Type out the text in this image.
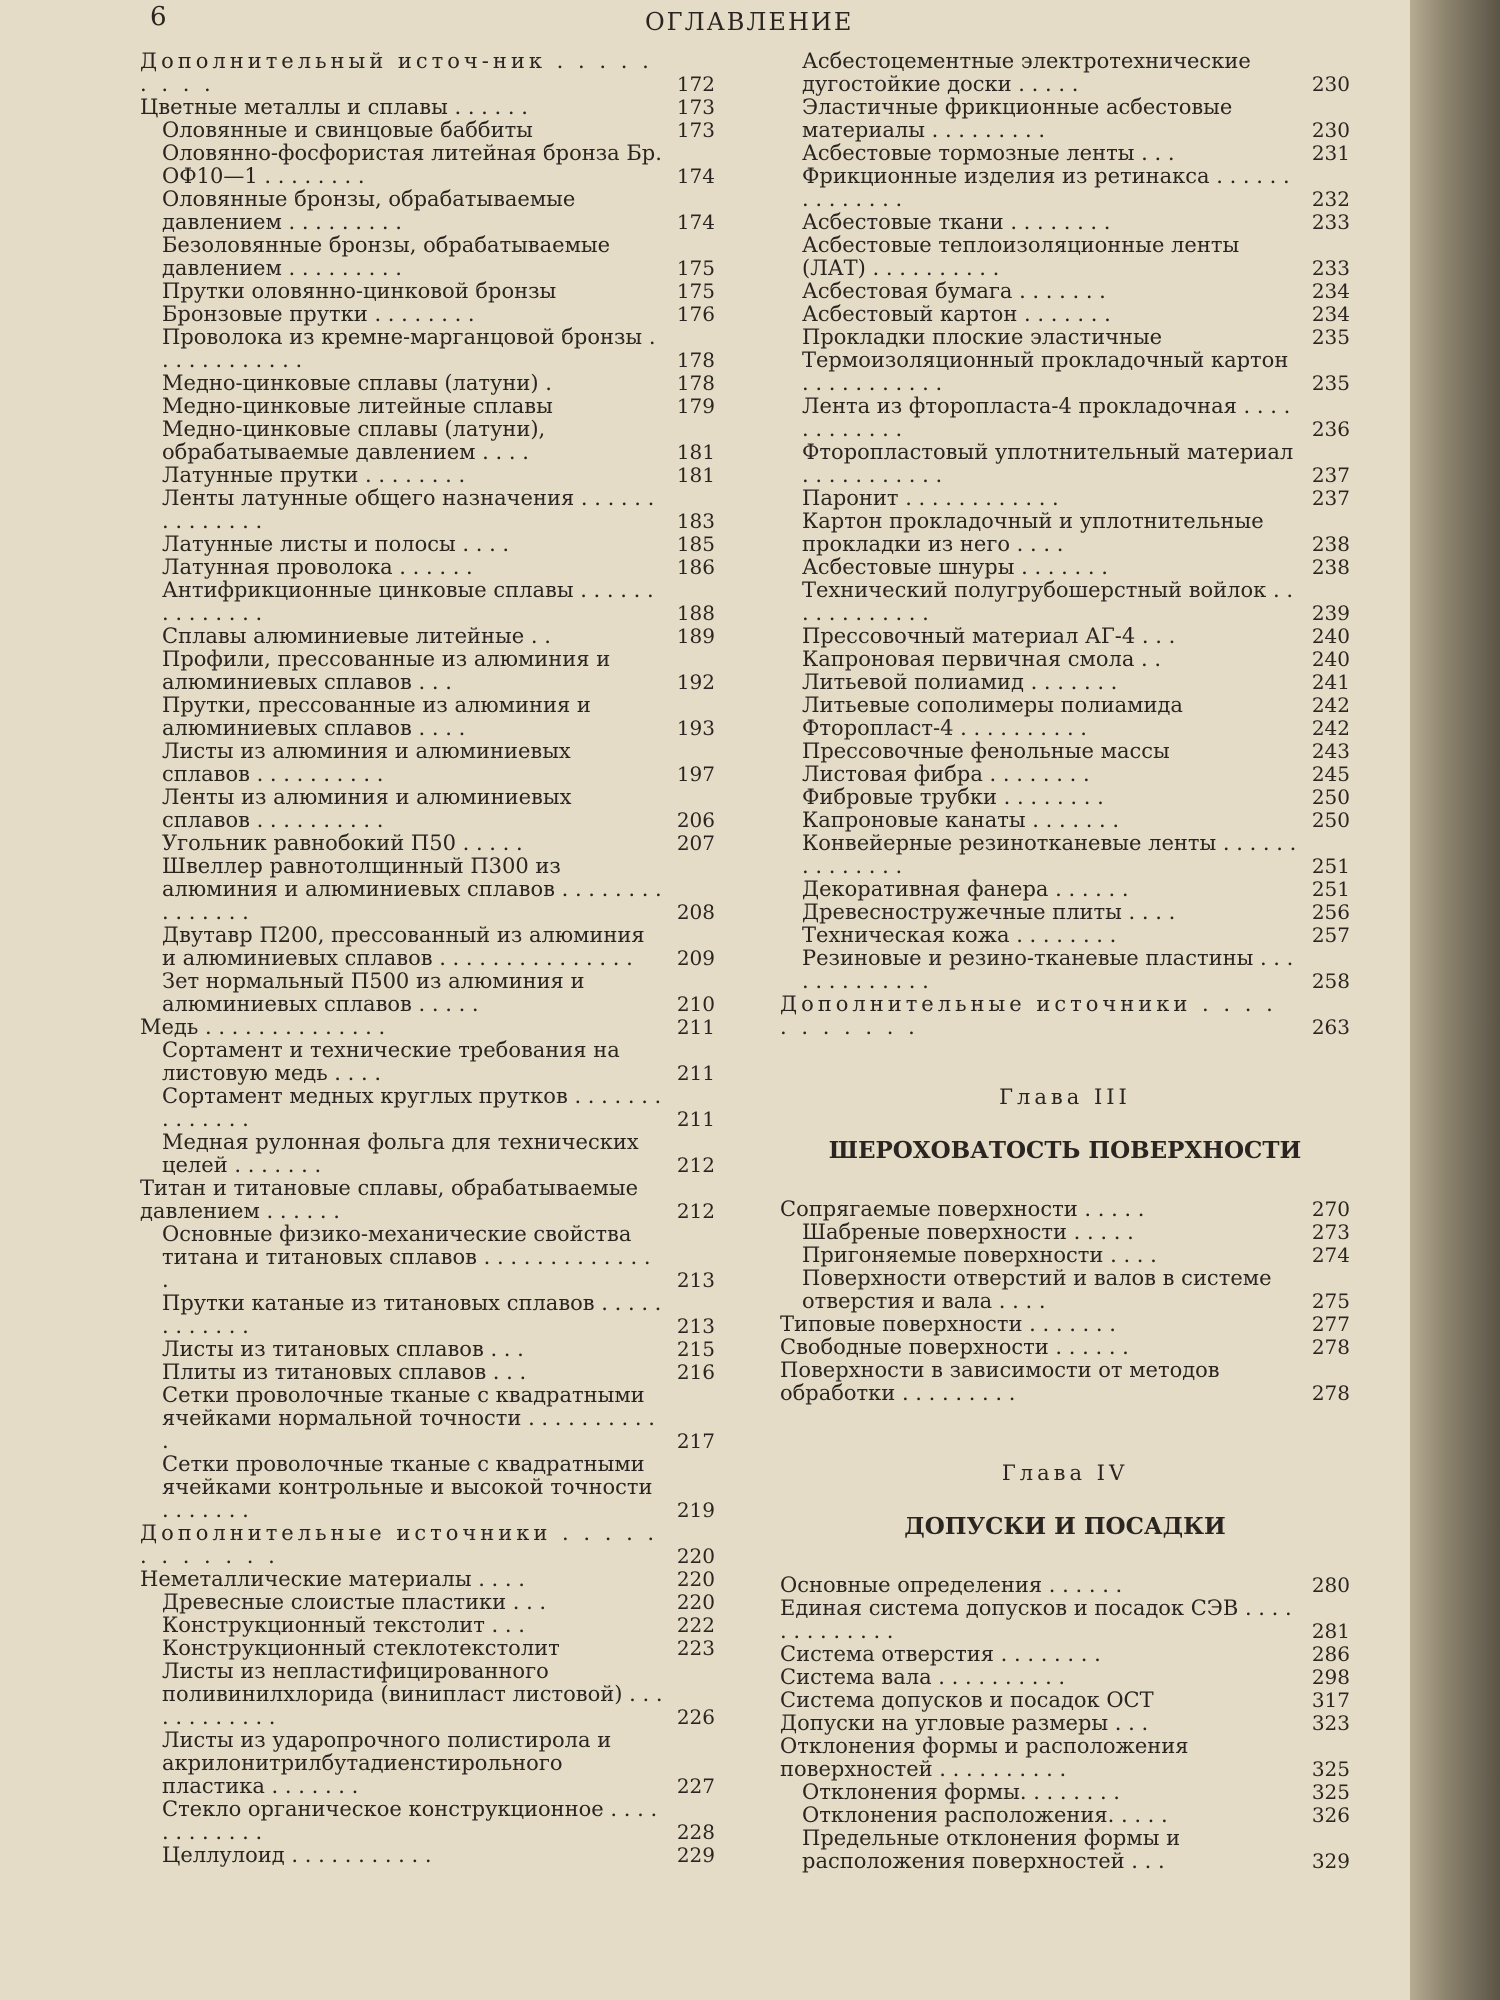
6	ОГЛАВЛЕНИЕ
Дополнительный источ-ник . . . . . . . . .	172
Цветные металлы и сплавы . . . . . .	173
Оловянные и свинцовые баббиты	173
Оловянно-фосфористая литейная бронза Бр. ОФ10—1 . . . . . . . .	174
Оловянные бронзы, обрабатываемые давлением . . . . . . . . .	174
Безоловянные бронзы, обрабатываемые давлением . . . . . . . . .	175
Прутки оловянно-цинковой бронзы	175
Бронзовые прутки . . . . . . . .	176
Проволока из кремне-марганцовой бронзы . . . . . . . . . . . .	178
Медно-цинковые сплавы (латуни) .	178
Медно-цинковые литейные сплавы	179
Медно-цинковые сплавы (латуни), обрабатываемые давлением . . . .	181
Латунные прутки . . . . . . . .	181
Ленты латунные общего назначения . . . . . . . . . . . . . .	183
Латунные листы и полосы . . . .	185
Латунная проволока . . . . . .	186
Антифрикционные цинковые сплавы . . . . . . . . . . . . . .	188
Сплавы алюминиевые литейные . .	189
Профили, прессованные из алюминия и алюминиевых сплавов . . .	192
Прутки, прессованные из алюминия и алюминиевых сплавов . . . .	193
Листы из алюминия и алюминиевых сплавов . . . . . . . . . .	197
Ленты из алюминия и алюминиевых сплавов . . . . . . . . . .	206
Угольник равнобокий П50 . . . . .	207
Швеллер равнотолщинный П300 из алюминия и алюминиевых сплавов . . . . . . . . . . . . . . .	208
Двутавр П200, прессованный из алюминия и алюминиевых сплавов . . . . . . . . . . . . . . .	209
Зет нормальный П500 из алюминия и алюминиевых сплавов . . . . .	210
Медь . . . . . . . . . . . . . .	211
Сортамент и технические требования на листовую медь . . . .	211
Сортамент медных круглых прутков . . . . . . . . . . . . . .	211
Медная рулонная фольга для технических целей . . . . . . .	212
Титан и титановые сплавы, обрабатываемые давлением . . . . . .	212
Основные физико-механические свойства титана и титановых сплавов . . . . . . . . . . . . . .	213
Прутки катаные из титановых сплавов . . . . . . . . . . . .	213
Листы из титановых сплавов . . .	215
Плиты из титановых сплавов . . .	216
Сетки проволочные тканые с квадратными ячейками нормальной точности . . . . . . . . . . .	217
Сетки проволочные тканые с квадратными ячейками контрольные и высокой точности . . . . . . .	219
Дополнительные источники . . . . . . . . . . . .	220
Неметаллические материалы . . . .	220
Древесные слоистые пластики . . .	220
Конструкционный текстолит . . .	222
Конструкционный стеклотекстолит	223
Листы из непластифицированного поливинилхлорида (винипласт листовой) . . . . . . . . . . . .	226
Листы из ударопрочного полистирола и акрилонитрилбутадиенстирольного пластика . . . . . . .	227
Стекло органическое конструкционное . . . . . . . . . . . .	228
Целлулоид . . . . . . . . . . .	229
Асбестоцементные электротехнические дугостойкие доски . . . . .	230
Эластичные фрикционные асбестовые материалы . . . . . . . . .	230
Асбестовые тормозные ленты . . .	231
Фрикционные изделия из ретинакса . . . . . . . . . . . . . .	232
Асбестовые ткани . . . . . . . .	233
Асбестовые теплоизоляционные ленты (ЛАТ) . . . . . . . . . .	233
Асбестовая бумага . . . . . . .	234
Асбестовый картон . . . . . . .	234
Прокладки плоские эластичные	235
Термоизоляционный прокладочный картон . . . . . . . . . . .	235
Лента из фторопласта-4 прокладочная . . . . . . . . . . . .	236
Фторопластовый уплотнительный материал . . . . . . . . . . .	237
Паронит . . . . . . . . . . . .	237
Картон прокладочный и уплотнительные прокладки из него . . . .	238
Асбестовые шнуры . . . . . . .	238
Технический полугрубошерстный войлок . . . . . . . . . . . .	239
Прессовочный материал АГ-4 . . .	240
Капроновая первичная смола . .	240
Литьевой полиамид . . . . . . .	241
Литьевые сополимеры полиамида	242
Фторопласт-4 . . . . . . . . . .	242
Прессовочные фенольные массы	243
Листовая фибра . . . . . . . .	245
Фибровые трубки . . . . . . . .	250
Капроновые канаты . . . . . . .	250
Конвейерные резинотканевые ленты . . . . . . . . . . . . . .	251
Декоративная фанера . . . . . .	251
Древесностружечные плиты . . . .	256
Техническая кожа . . . . . . . .	257
Резиновые и резино-тканевые пластины . . . . . . . . . . . . .	258
Дополнительные источники . . . . . . . . . . .	263
Глава III
ШЕРОХОВАТОСТЬ ПОВЕРХНОСТИ
Сопрягаемые поверхности . . . . .	270
Шабреные поверхности . . . . .	273
Пригоняемые поверхности . . . .	274
Поверхности отверстий и валов в системе отверстия и вала . . . .	275
Типовые поверхности . . . . . . .	277
Свободные поверхности . . . . . .	278
Поверхности в зависимости от методов обработки . . . . . . . . .	278
Глава IV
ДОПУСКИ И ПОСАДКИ
Основные определения . . . . . .	280
Единая система допусков и посадок СЭВ . . . . . . . . . . . . .	281
Система отверстия . . . . . . . .	286
Система вала . . . . . . . . . .	298
Система допусков и посадок ОСТ	317
Допуски на угловые размеры . . .	323
Отклонения формы и расположения поверхностей . . . . . . . . . .	325
Отклонения формы. . . . . . . .	325
Отклонения расположения. . . . .	326
Предельные отклонения формы и расположения поверхностей . . .	329
